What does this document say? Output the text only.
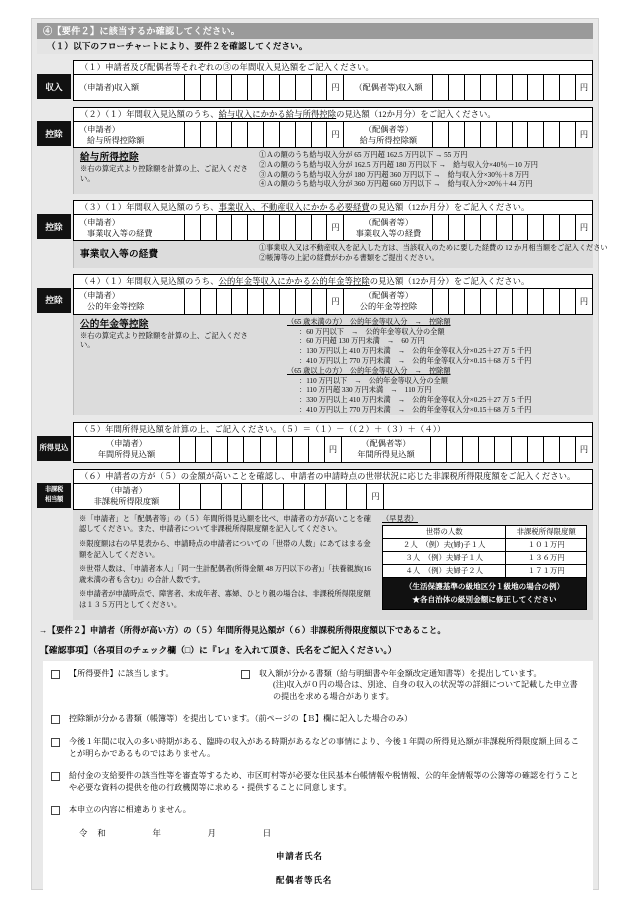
④【要件２】に該当するか確認してください。
（１）以下のフローチャートにより、要件２を確認してください。
収入
（１）申請者及び配偶者等それぞれの③の年間収入見込額をご記入ください。
（申請者)収入額										円	（配偶者等)収入額										円
控除
（２）（１）年間収入見込額のうち、給与収入にかかる給与所得控除の見込額（12か月分）をご記入ください。
（申請者）
給与所得控除額
										円	
（配偶者等）
給与所得控除額
										円
給与所得控除
※右の算定式より控除額を計算の上、ご記入ください。
①Ａの額のうち給与収入分が 65 万円超 162.5 万円以下 → 55 万円
②Ａの額のうち給与収入分が 162.5 万円超 180 万円以下 →　給与収入分×40％－10 万円
③Ａの額のうち給与収入分が 180 万円超 360 万円以下 →　給与収入分×30％＋8 万円
④Ａの額のうち給与収入分が 360 万円超 660 万円以下 →　給与収入分×20％＋44 万円
控除
（３）（１）年間収入見込額のうち、事業収入、不動産収入にかかる必要経費の見込額（12か月分）をご記入ください。
（申請者）
事業収入等の経費
										円	
（配偶者等）
事業収入等の経費
										円
事業収入等の経費
①事業収入又は不動産収入を記入した方は、当該収入のために要した経費の 12 か月相当額をご記入ください
②帳簿等の上記の経費がわかる書類をご提出ください。
控除
（４）（１）年間収入見込額のうち、公的年金等収入にかかる公的年金等控除の見込額（12か月分）をご記入ください。
（申請者）
公的年金等控除
										円	
（配偶者等）
公的年金等控除
										円
公的年金等控除
※右の算定式より控除額を計算の上、ご記入ください。
（65 歳未満の方）　公的年金等収入分　→　控除額
：60 万円以下　→　公的年金等収入分の全額
：60 万円超 130 万円未満　→　60 万円
：130 万円以上 410 万円未満　→　公的年金等収入分×0.25＋27 万 5 千円
：410 万円以上 770 万円未満　→　公的年金等収入分×0.15＋68 万 5 千円
（65 歳以上の方）　公的年金等収入分　→　控除額
：110 万円以下　→　公的年金等収入分の全額
：110 万円超 330 万円未満　→　110 万円
：330 万円以上 410 万円未満　→　公的年金等収入分×0.25＋27 万 5 千円
：410 万円以上 770 万円未満　→　公的年金等収入分×0.15＋68 万 5 千円
所得見込
（５）年間所得見込額を計算の上、ご記入ください。（５）＝（１）－（（２）＋（３）＋（４））
（申請者）
年間所得見込額
										円	
（配偶者等）
年間所得見込額
										円
非課税
相当額
（６）申請者の方が（５）の金額が高いことを確認し、申請者の申請時点の世帯状況に応じた非課税所得限度額をご記入ください。
（申請者）
非課税所得限度額
										円	

※「申請者」と「配偶者等」の（５）年間所得見込額を比べ、申請者の方が高いことを確認してください。また、申請者について非課税所得限度額を記入してください。

※限度額は右の早見表から、申請時点の申請者についての「世帯の人数」にあてはまる金額を記入してください。

※世帯人数は、「申請者本人」「同一生計配偶者(所得金額 48 万円以下の者)」「扶養親族(16 歳未満の者も含む)」の合計人数です。

※申請者が申請時点で、障害者、未成年者、寡婦、ひとり親の場合は、非課税所得限度額は１３５万円としてください。

（早見表）
世帯の人数	非課税所得限度額
２人　（例）夫(婦)子１人	１０１万円
３人　（例）夫婦子１人	１３６万円
４人　（例）夫婦子２人	１７１万円
（生活保護基準の級地区分１級地の場合の例）
★各自治体の級別金額に修正してください
→【要件２】申請者（所得が高い方）の（５）年間所得見込額が（６）非課税所得限度額以下であること。
【確認事項】（各項目のチェック欄（□）に『レ』を入れて頂き、氏名をご記入ください。）
【所得要件】に該当します。	収入額が分かる書類（給与明細書や年金額改定通知書等）を提出しています。
(注)収入が０円の場合は、別途、自身の収入の状況等の詳細について記載した申立書の提出を求める場合があります。
控除額が分かる書類（帳簿等）を提出しています。（前ページの【Ｂ】欄に記入した場合のみ）
今後１年間に収入の多い時期がある、臨時の収入がある時期があるなどの事情により、今後１年間の所得見込額が非課税所得限度額上回ることが明らかであるものではありません。
給付金の支給要件の該当性等を審査等するため、市区町村等が必要な住民基本台帳情報や税情報、公的年金情報等の公簿等の確認を行うことや必要な資料の提供を他の行政機関等に求める・提供することに同意します。
本申立の内容に相違ありません。
令和　　年　　月　　日
申請者氏名
配偶者等氏名
